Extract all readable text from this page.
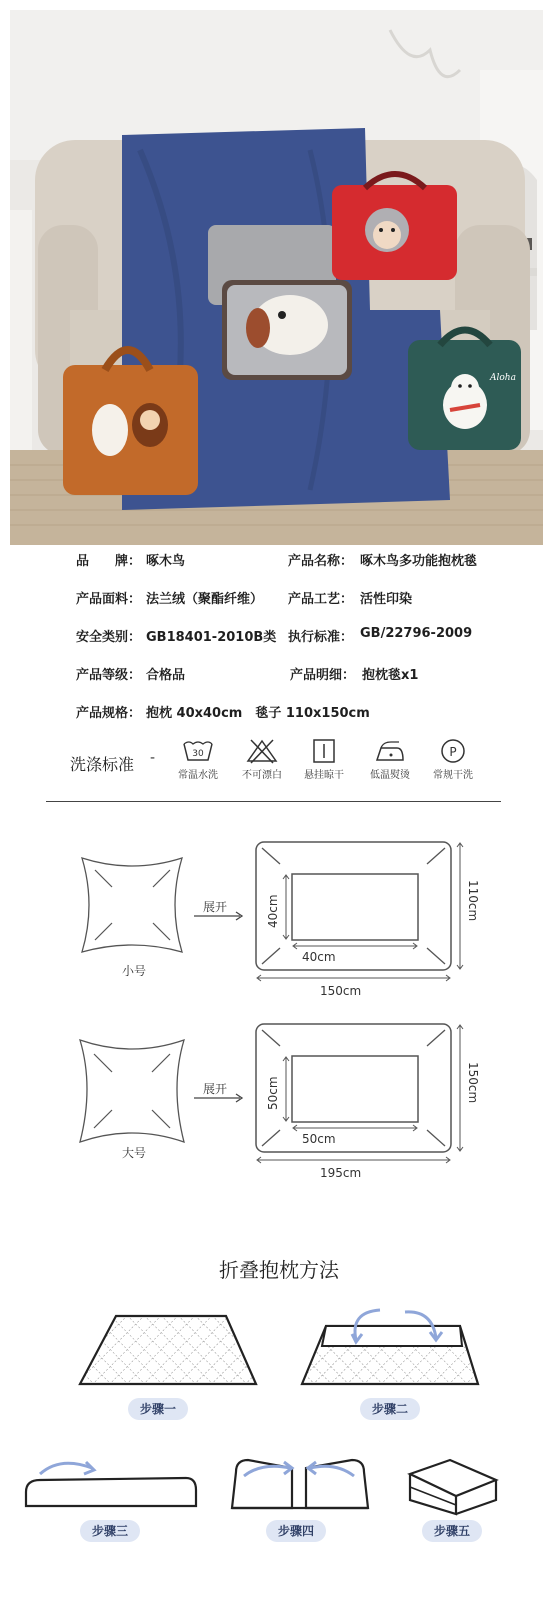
Aloha
品　　牌： 啄木鸟	产品名称： 啄木鸟多功能抱枕毯
产品面料： 法兰绒（聚酯纤维） 产品工艺： 活性印染
安全类别： GB18401-2010B类 执行标准： GB/22796-2009
产品等级： 合格品	产品明细： 抱枕毯x1
产品规格： 抱枕 40x40cm　毯子 110x150cm
洗涤标准 -	30
常温水洗	不可漂白	悬挂晾干	低温熨烫
P
常规干洗
小号
展开	40cm
40cm
110cm
150cm
大号
展开	50cm
50cm
150cm
195cm
折叠抱枕方法
步骤一	步骤二
步骤三	步骤四	步骤五
